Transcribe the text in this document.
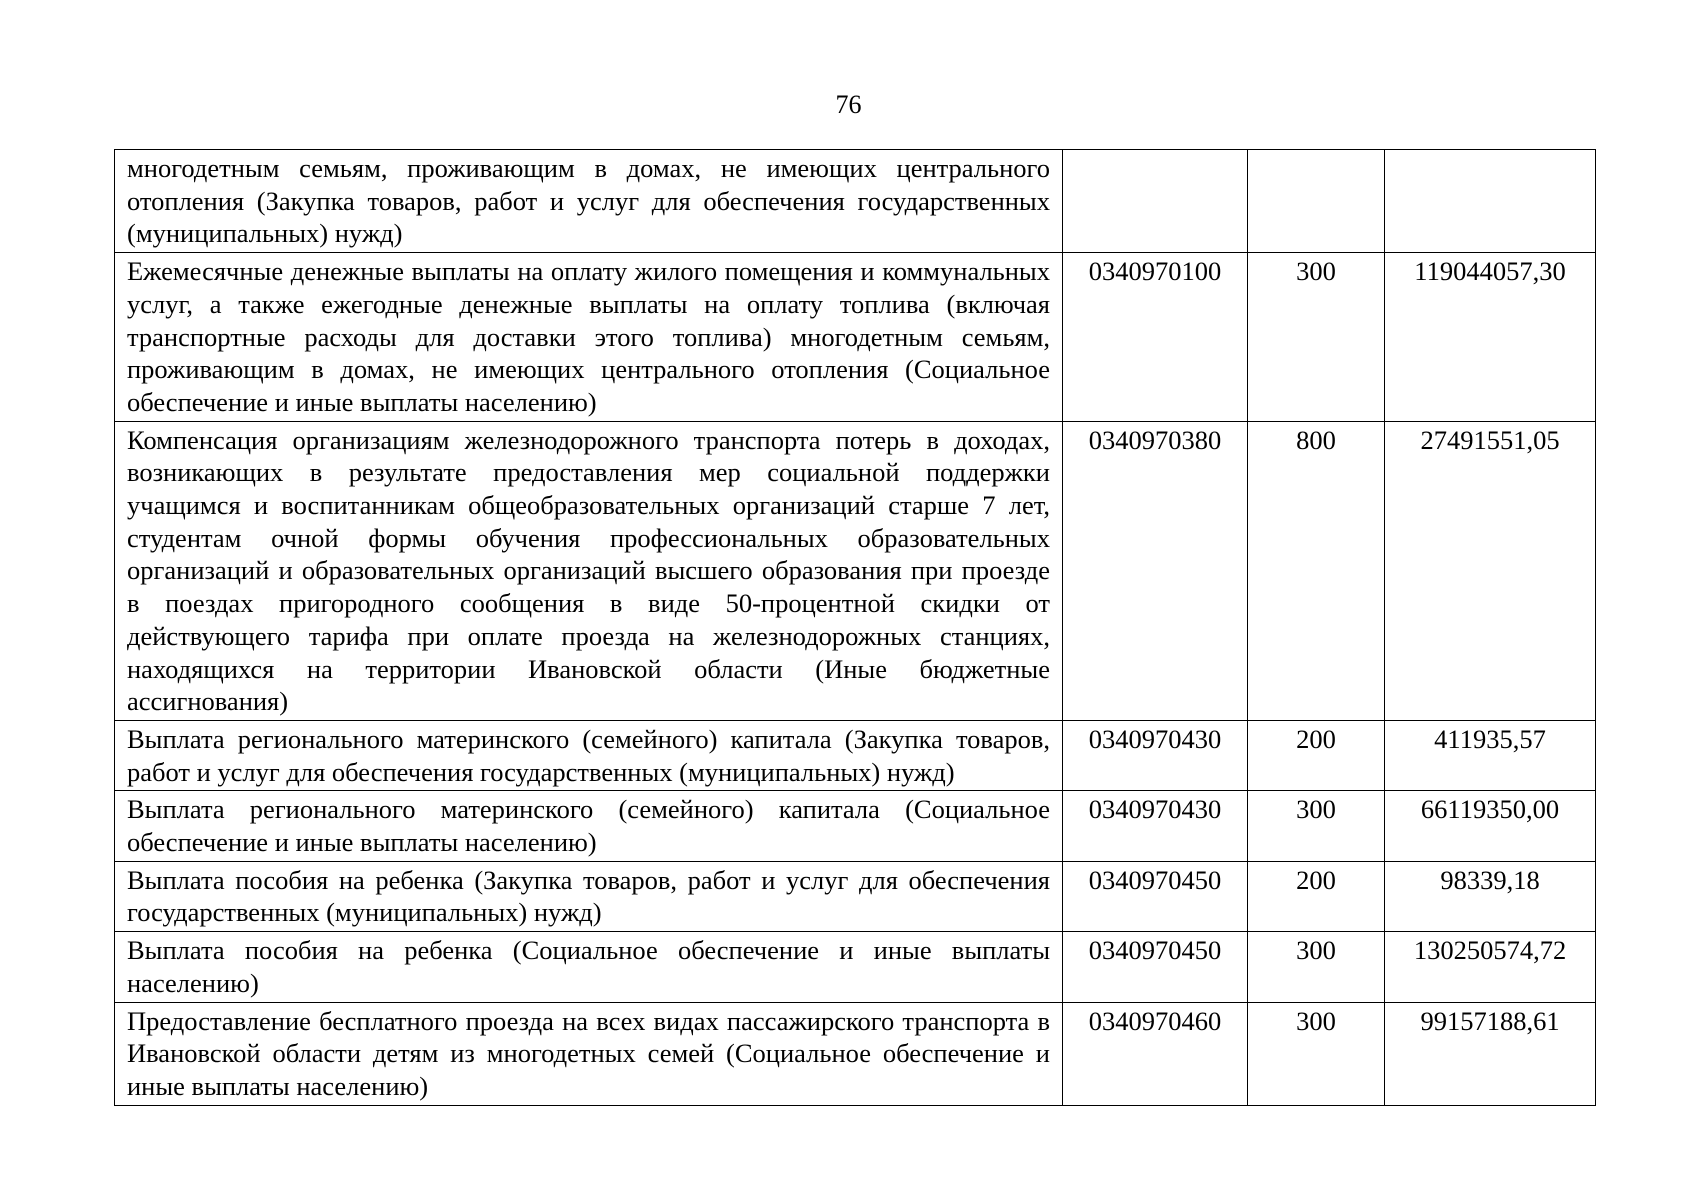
76
многодетным семьям, проживающим в домах, не имеющих центрального отопления (Закупка товаров, работ и услуг для обеспечения государственных (муниципальных) нужд)			
Ежемесячные денежные выплаты на оплату жилого помещения и коммунальных услуг, а также ежегодные денежные выплаты на оплату топлива (включая транспортные расходы для доставки этого топлива) многодетным семьям, проживающим в домах, не имеющих центрального отопления (Социальное обеспечение и иные выплаты населению)	0340970100	300	119044057,30
Компенсация организациям железнодорожного транспорта потерь в доходах, возникающих в результате предоставления мер социальной поддержки учащимся и воспитанникам общеобразовательных организаций старше 7 лет, студентам очной формы обучения профессиональных образовательных организаций и образовательных организаций высшего образования при проезде в поездах пригородного сообщения в виде 50-процентной скидки от действующего тарифа при оплате проезда на железнодорожных станциях, находящихся на территории Ивановской области (Иные бюджетные ассигнования)	0340970380	800	27491551,05
Выплата регионального материнского (семейного) капитала (Закупка товаров, работ и услуг для обеспечения государственных (муниципальных) нужд)	0340970430	200	411935,57
Выплата регионального материнского (семейного) капитала (Социальное обеспечение и иные выплаты населению)	0340970430	300	66119350,00
Выплата пособия на ребенка (Закупка товаров, работ и услуг для обеспечения государственных (муниципальных) нужд)	0340970450	200	98339,18
Выплата пособия на ребенка (Социальное обеспечение и иные выплаты населению)	0340970450	300	130250574,72
Предоставление бесплатного проезда на всех видах пассажирского транспорта в Ивановской области детям из многодетных семей (Социальное обеспечение и иные выплаты населению)	0340970460	300	99157188,61
